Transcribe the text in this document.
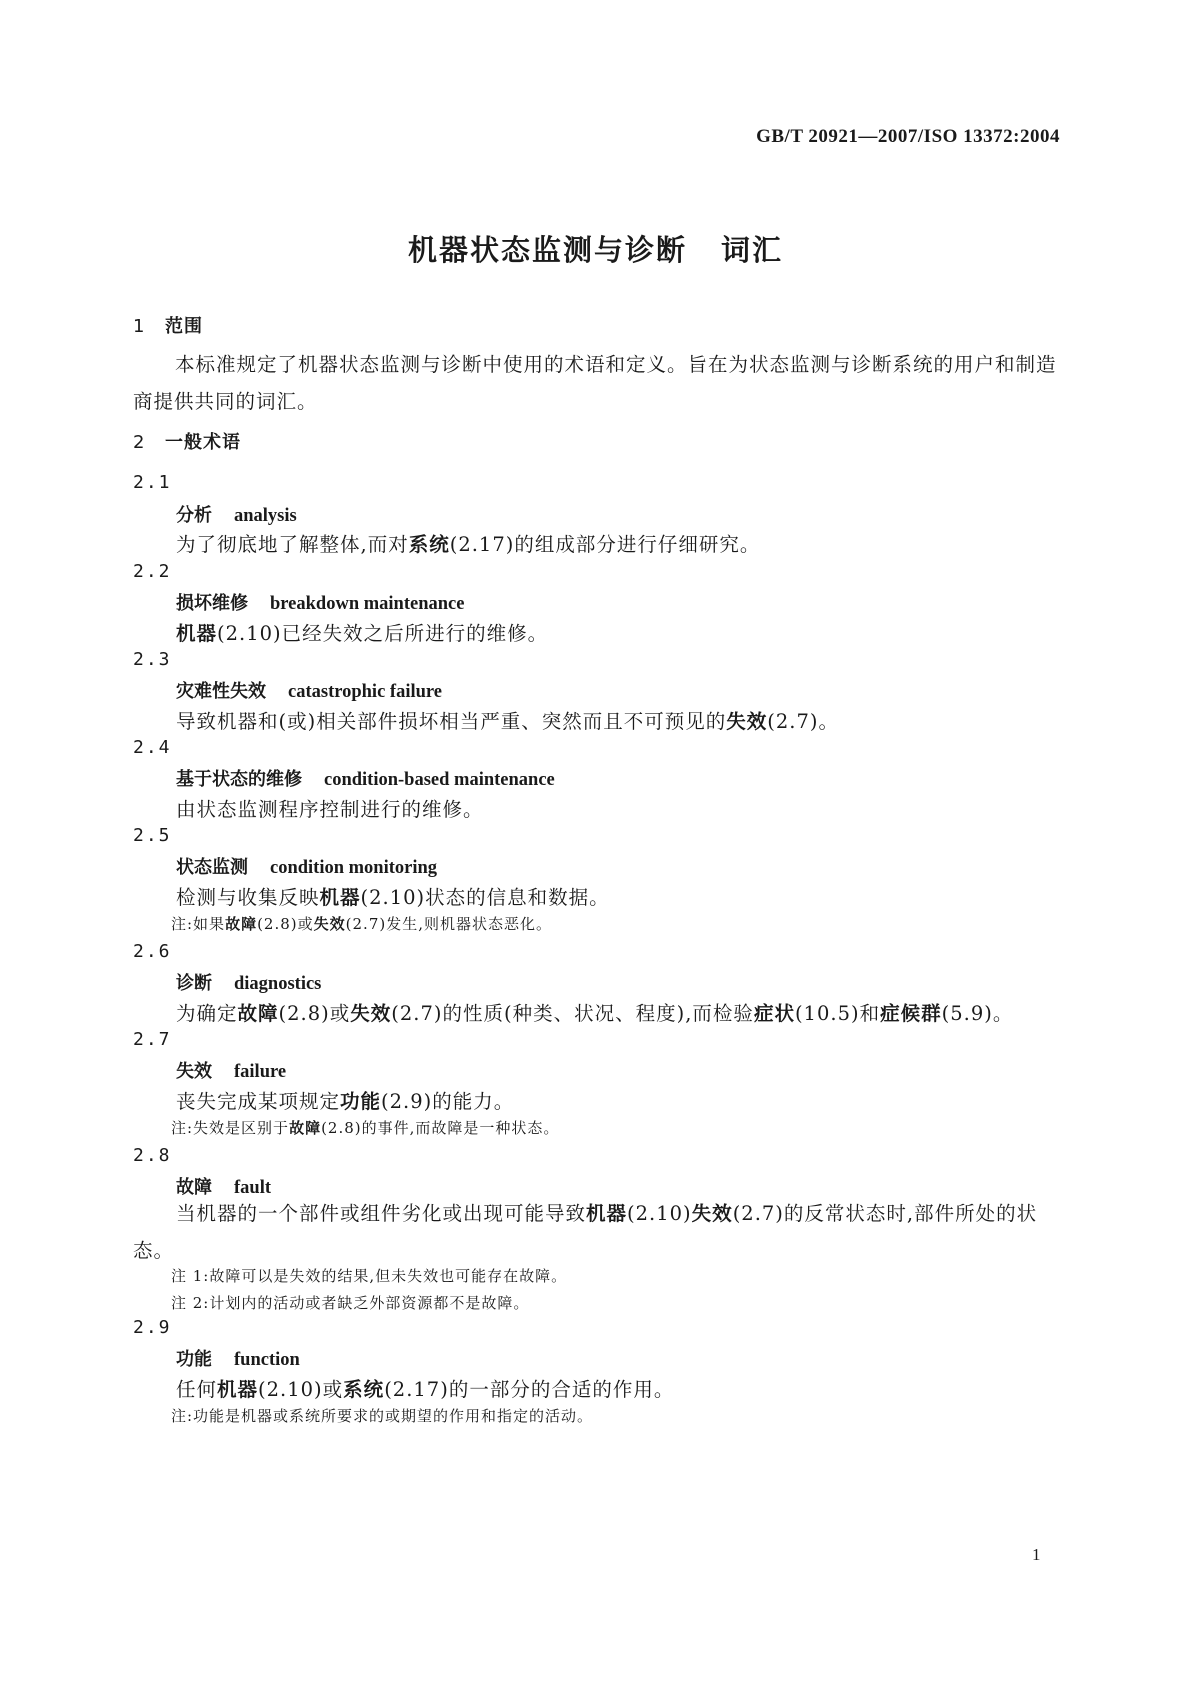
GB/T 20921—2007/ISO 13372:2004
机器状态监测与诊断 词汇
1 范围
本标准规定了机器状态监测与诊断中使用的术语和定义。旨在为状态监测与诊断系统的用户和制造商提供共同的词汇。
2 一般术语
2.1
分析 analysis
为了彻底地了解整体,而对系统(2.17)的组成部分进行仔细研究。
2.2
损坏维修 breakdown maintenance
机器(2.10)已经失效之后所进行的维修。
2.3
灾难性失效 catastrophic failure
导致机器和(或)相关部件损坏相当严重、突然而且不可预见的失效(2.7)。
2.4
基于状态的维修 condition-based maintenance
由状态监测程序控制进行的维修。
2.5
状态监测 condition monitoring
检测与收集反映机器(2.10)状态的信息和数据。
注:如果故障(2.8)或失效(2.7)发生,则机器状态恶化。
2.6
诊断 diagnostics
为确定故障(2.8)或失效(2.7)的性质(种类、状况、程度),而检验症状(10.5)和症候群(5.9)。
2.7
失效 failure
丧失完成某项规定功能(2.9)的能力。
注:失效是区别于故障(2.8)的事件,而故障是一种状态。
2.8
故障 fault
当机器的一个部件或组件劣化或出现可能导致机器(2.10)失效(2.7)的反常状态时,部件所处的状态。
注 1:故障可以是失效的结果,但未失效也可能存在故障。
注 2:计划内的活动或者缺乏外部资源都不是故障。
2.9
功能 function
任何机器(2.10)或系统(2.17)的一部分的合适的作用。
注:功能是机器或系统所要求的或期望的作用和指定的活动。
1
